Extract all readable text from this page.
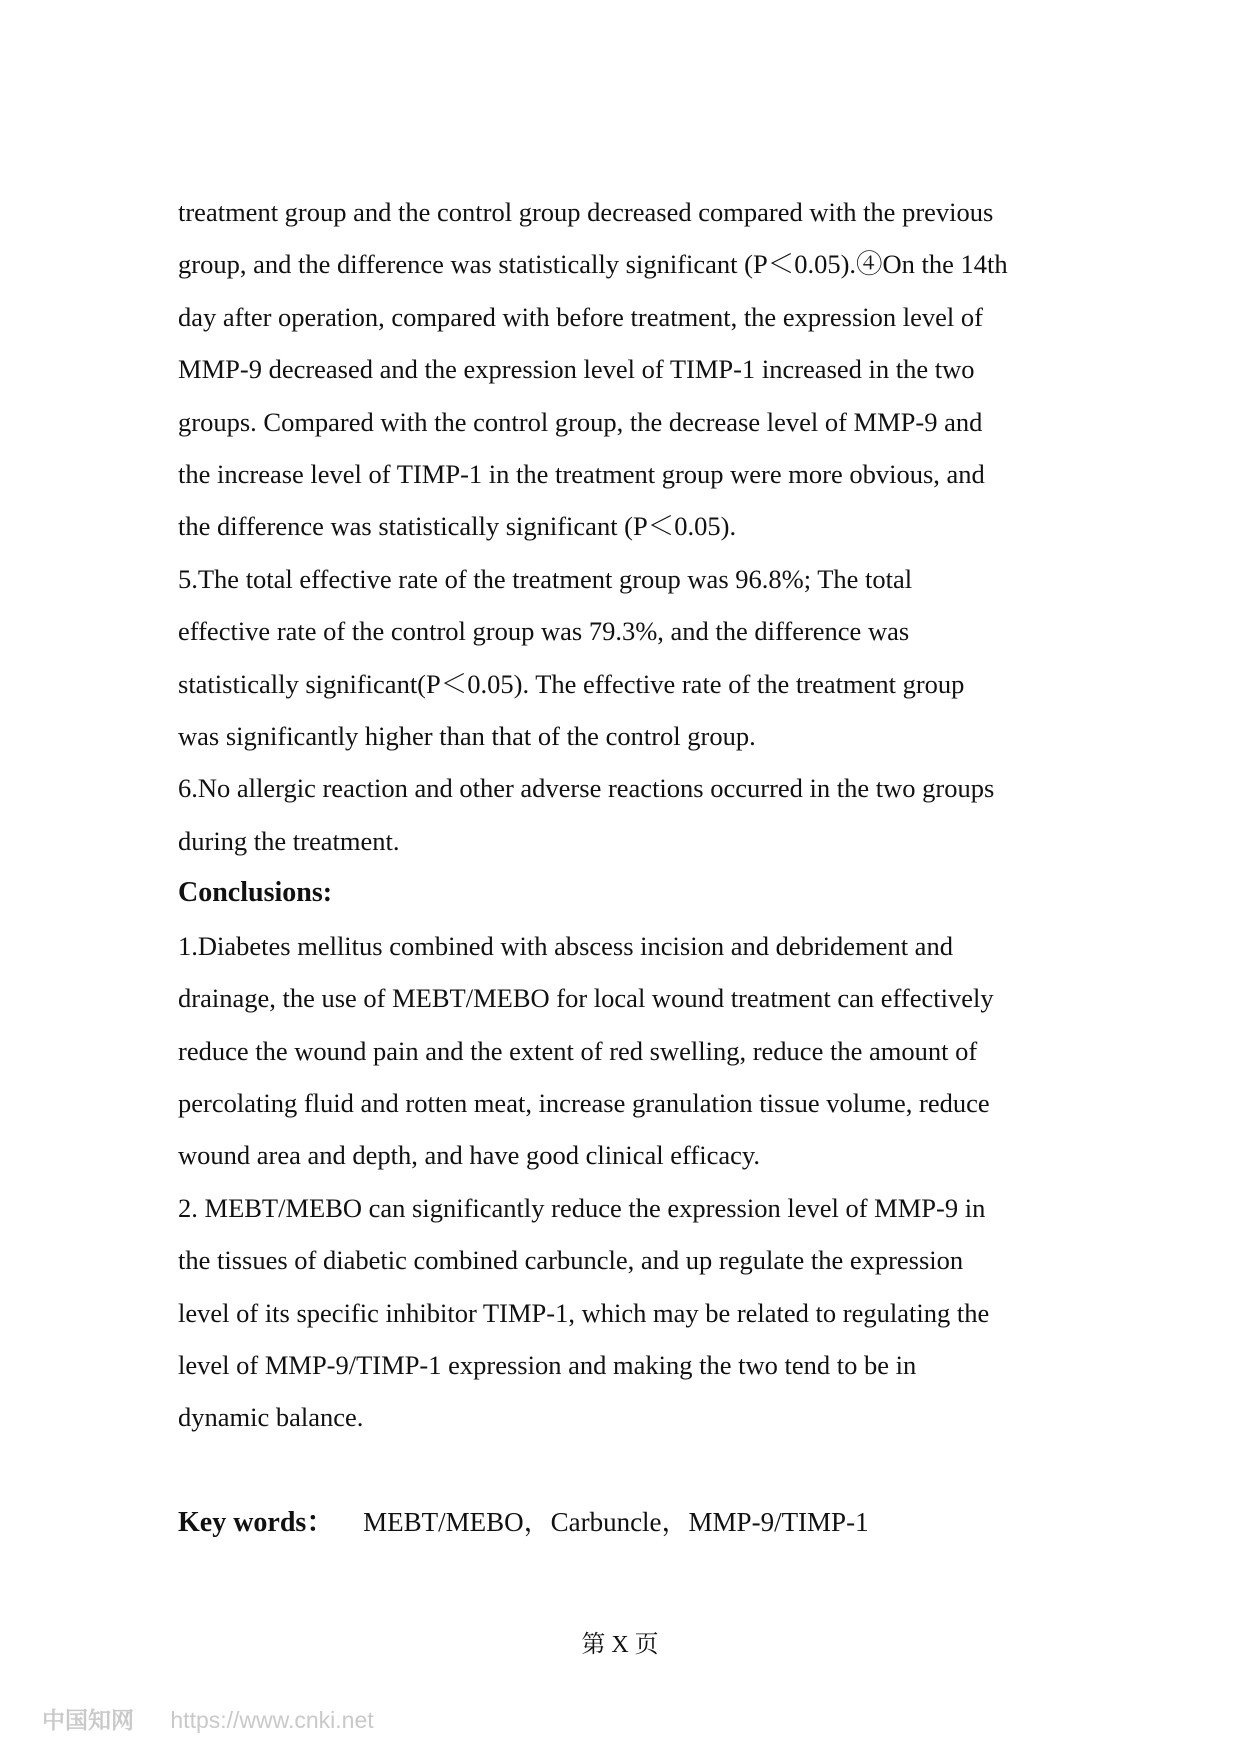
treatment group and the control group decreased compared with the previous
group, and the difference was statistically significant (P＜0.05).④On the 14th
day after operation, compared with before treatment, the expression level of
MMP-9 decreased and the expression level of TIMP-1 increased in the two
groups. Compared with the control group, the decrease level of MMP-9 and
the increase level of TIMP-1 in the treatment group were more obvious, and
the difference was statistically significant (P＜0.05).
5.The total effective rate of the treatment group was 96.8%; The total
effective rate of the control group was 79.3%, and the difference was
statistically significant(P＜0.05). The effective rate of the treatment group
was significantly higher than that of the control group.
6.No allergic reaction and other adverse reactions occurred in the two groups
during the treatment.
Conclusions:
1.Diabetes mellitus combined with abscess incision and debridement and
drainage, the use of MEBT/MEBO for local wound treatment can effectively
reduce the wound pain and the extent of red swelling, reduce the amount of
percolating fluid and rotten meat, increase granulation tissue volume, reduce
wound area and depth, and have good clinical efficacy.
2. MEBT/MEBO can significantly reduce the expression level of MMP-9 in
the tissues of diabetic combined carbuncle, and up regulate the expression
level of its specific inhibitor TIMP-1, which may be related to regulating the
level of MMP-9/TIMP-1 expression and making the two tend to be in
dynamic balance.
Key words： MEBT/MEBO，Carbuncle，MMP-9/TIMP-1
第 X 页
中国知网 https://www.cnki.net
